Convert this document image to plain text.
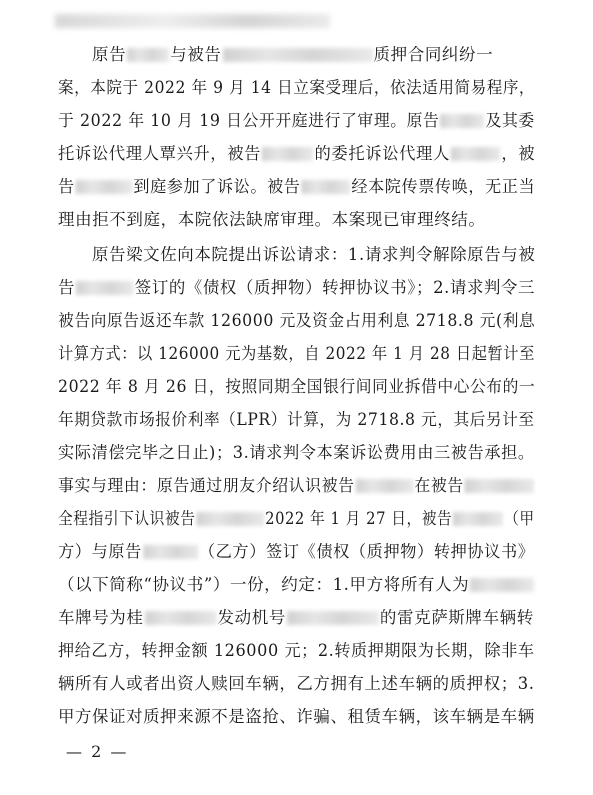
原告	与被告	质押合同纠纷一
案，本院于 2022 年 9 月 14 日立案受理后，依法适用简易程序，
于 2022 年 10 月 19 日公开开庭进行了审理。原告	及其委
托诉讼代理人覃兴升，被告	的委托诉讼代理人	，被
告	到庭参加了诉讼。被告	经本院传票传唤，无正当
理由拒不到庭，本院依法缺席审理。本案现已审理终结。
原告梁文佐向本院提出诉讼请求：1.请求判令解除原告与被
告	签订的《债权（质押物）转押协议书》；2.请求判令三
被告向原告返还车款 126000 元及资金占用利息 2718.8 元(利息
计算方式：以 126000 元为基数，自 2022 年 1 月 28 日起暂计至
2022 年 8 月 26 日，按照同期全国银行间同业拆借中心公布的一
年期贷款市场报价利率（LPR）计算，为 2718.8 元，其后另计至
实际清偿完毕之日止)；3.请求判令本案诉讼费用由三被告承担。
事实与理由：原告通过朋友介绍认识被告	在被告
全程指引下认识被告	2022 年 1 月 27 日，被告	（甲
方）与原告	（乙方）签订《债权（质押物）转押协议书》
（以下简称“协议书”）一份，约定：1.甲方将所有人为
车牌号为桂	发动机号	的雷克萨斯牌车辆转
押给乙方，转押金额 126000 元；2.转质押期限为长期，除非车
辆所有人或者出资人赎回车辆，乙方拥有上述车辆的质押权；3.
甲方保证对质押来源不是盗抢、诈骗、租赁车辆，该车辆是车辆
— 2 —
